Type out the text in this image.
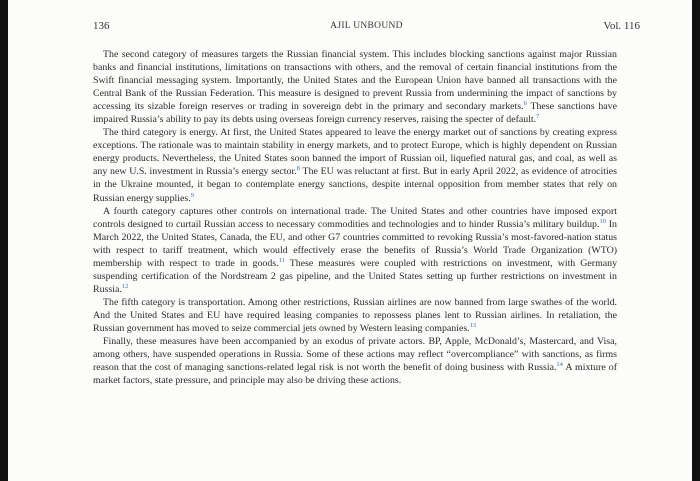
136	AJIL UNBOUND	Vol. 116

The second category of measures targets the Russian financial system. This includes blocking sanctions against major Russian banks and financial institutions, limitations on transactions with others, and the removal of certain financial institutions from the Swift financial messaging system. Importantly, the United States and the European Union have banned all transactions with the Central Bank of the Russian Federation. This measure is designed to prevent Russia from undermining the impact of sanctions by accessing its sizable foreign reserves or trading in sovereign debt in the primary and secondary markets.$^6$ These sanctions have impaired Russia’s ability to pay its debts using overseas foreign currency reserves, raising the specter of default.$^7$

The third category is energy. At first, the United States appeared to leave the energy market out of sanctions by creating express exceptions. The rationale was to maintain stability in energy markets, and to protect Europe, which is highly dependent on Russian energy products. Nevertheless, the United States soon banned the import of Russian oil, liquefied natural gas, and coal, as well as any new U.S. investment in Russia’s energy sector.$^8$ The EU was reluctant at first. But in early April 2022, as evidence of atrocities in the Ukraine mounted, it began to contemplate energy sanctions, despite internal opposition from member states that rely on Russian energy supplies.$^9$

A fourth category captures other controls on international trade. The United States and other countries have imposed export controls designed to curtail Russian access to necessary commodities and technologies and to hinder Russia’s military buildup.$^{10}$ In March 2022, the United States, Canada, the EU, and other G7 countries committed to revoking Russia’s most-favored-nation status with respect to tariff treatment, which would effectively erase the benefits of Russia’s World Trade Organization (WTO) membership with respect to trade in goods.$^{11}$ These measures were coupled with restrictions on investment, with Germany suspending certification of the Nordstream 2 gas pipeline, and the United States setting up further restrictions on investment in Russia.$^{12}$

The fifth category is transportation. Among other restrictions, Russian airlines are now banned from large swathes of the world. And the United States and EU have required leasing companies to repossess planes lent to Russian airlines. In retaliation, the Russian government has moved to seize commercial jets owned by Western leasing companies.$^{13}$

Finally, these measures have been accompanied by an exodus of private actors. BP, Apple, McDonald’s, Mastercard, and Visa, among others, have suspended operations in Russia. Some of these actions may reflect “overcompliance” with sanctions, as firms reason that the cost of managing sanctions-related legal risk is not worth the benefit of doing business with Russia.$^{14}$ A mixture of market factors, state pressure, and principle may also be driving these actions.
